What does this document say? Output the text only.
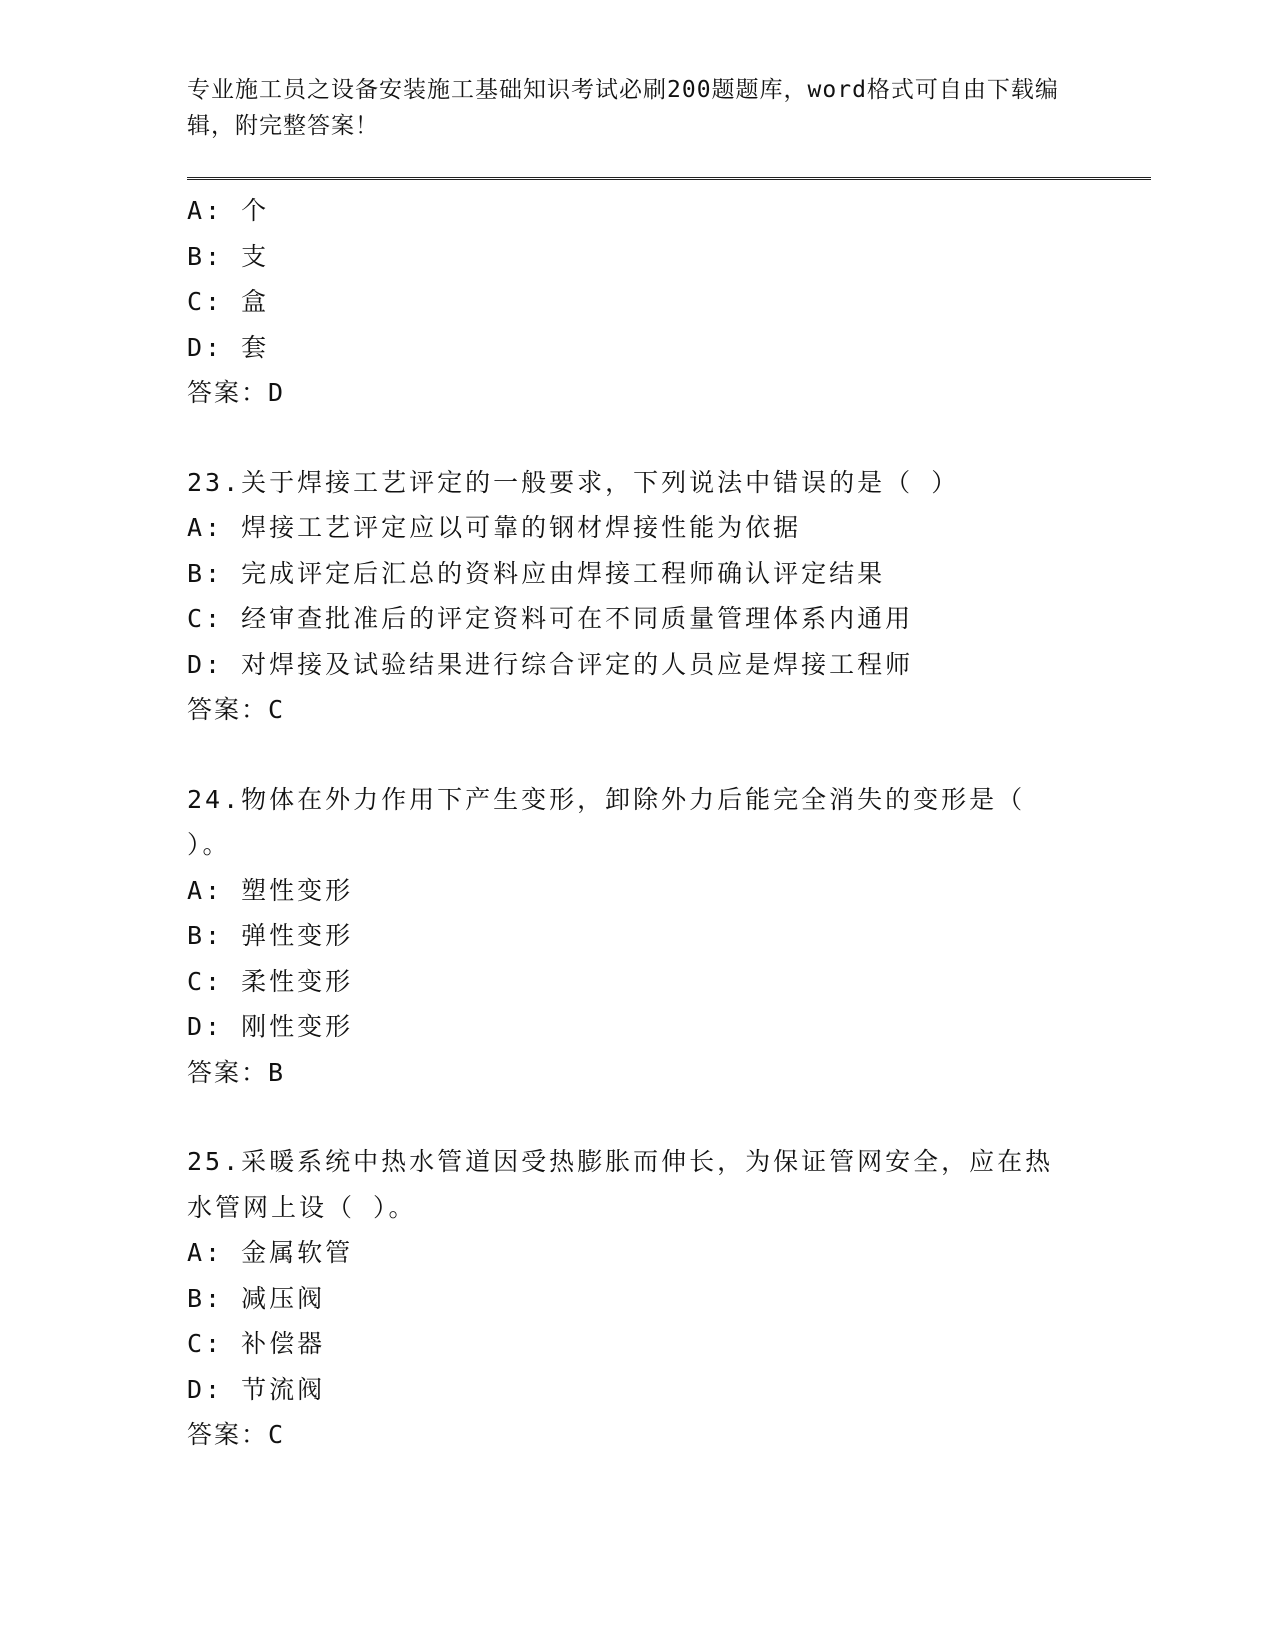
专业施工员之设备安装施工基础知识考试必刷200题题库，word格式可自由下载编辑，附完整答案！
A: 个
B: 支
C: 盒
D: 套
答案：D
23.关于焊接工艺评定的一般要求，下列说法中错误的是（ ）
A: 焊接工艺评定应以可靠的钢材焊接性能为依据
B: 完成评定后汇总的资料应由焊接工程师确认评定结果
C: 经审查批准后的评定资料可在不同质量管理体系内通用
D: 对焊接及试验结果进行综合评定的人员应是焊接工程师
答案：C
24.物体在外力作用下产生变形，卸除外力后能完全消失的变形是（
）。
A: 塑性变形
B: 弹性变形
C: 柔性变形
D: 刚性变形
答案：B
25.采暖系统中热水管道因受热膨胀而伸长，为保证管网安全，应在热
水管网上设（ ）。
A: 金属软管
B: 减压阀
C: 补偿器
D: 节流阀
答案：C
